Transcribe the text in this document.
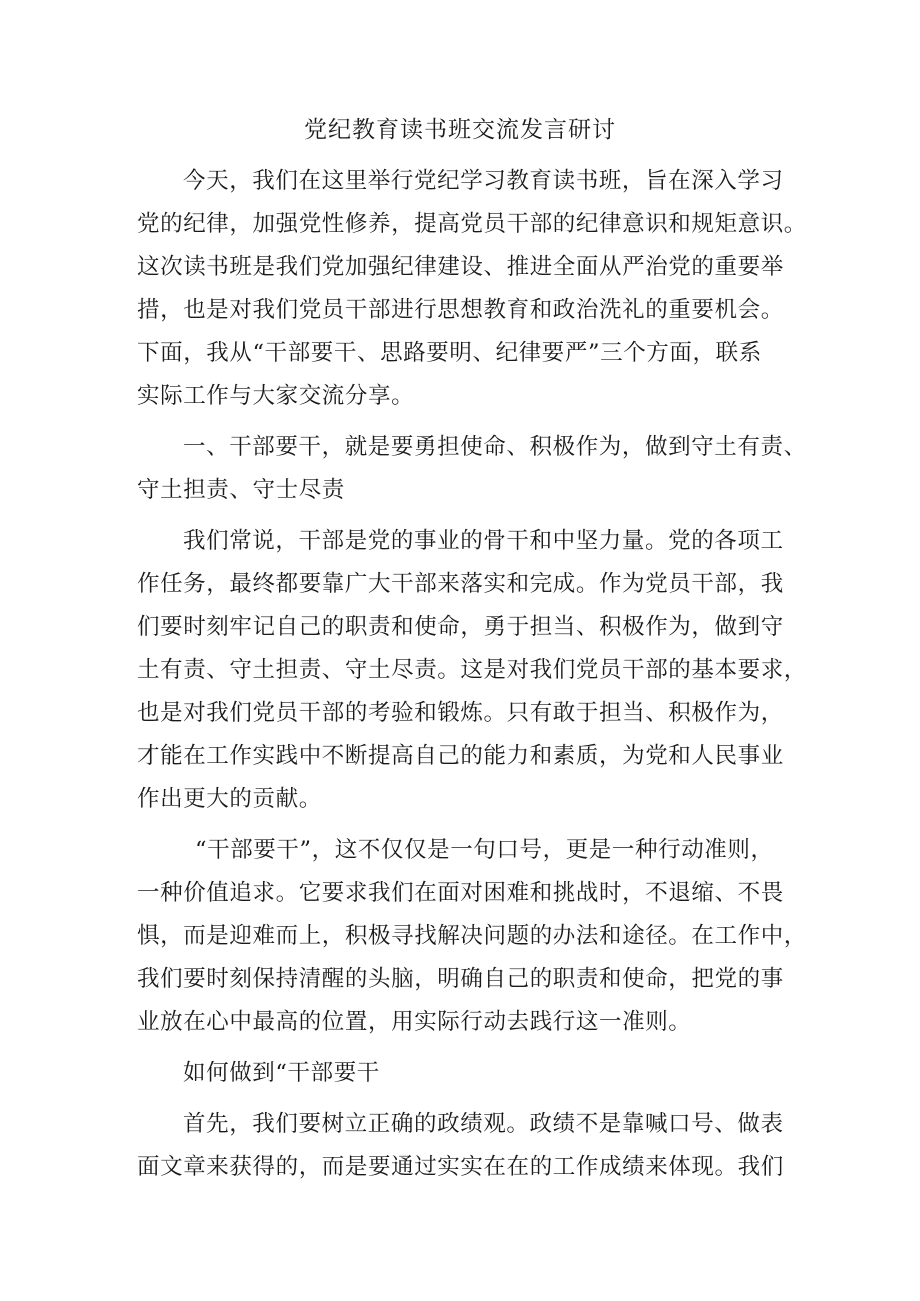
党纪教育读书班交流发言研讨
今天，我们在这里举行党纪学习教育读书班，旨在深入学习
党的纪律，加强党性修养，提高党员干部的纪律意识和规矩意识。
这次读书班是我们党加强纪律建设、推进全面从严治党的重要举
措，也是对我们党员干部进行思想教育和政治洗礼的重要机会。
下面，我从“干部要干、思路要明、纪律要严”三个方面，联系
实际工作与大家交流分享。
一、干部要干，就是要勇担使命、积极作为，做到守土有责、
守土担责、守士尽责
我们常说，干部是党的事业的骨干和中坚力量。党的各项工
作任务，最终都要靠广大干部来落实和完成。作为党员干部，我
们要时刻牢记自己的职责和使命，勇于担当、积极作为，做到守
土有责、守土担责、守土尽责。这是对我们党员干部的基本要求，
也是对我们党员干部的考验和锻炼。只有敢于担当、积极作为，
才能在工作实践中不断提高自己的能力和素质，为党和人民事业
作出更大的贡献。
“干部要干”，这不仅仅是一句口号，更是一种行动准则，
一种价值追求。它要求我们在面对困难和挑战时，不退缩、不畏
惧，而是迎难而上，积极寻找解决问题的办法和途径。在工作中，
我们要时刻保持清醒的头脑，明确自己的职责和使命，把党的事
业放在心中最高的位置，用实际行动去践行这一准则。
如何做到“干部要干
首先，我们要树立正确的政绩观。政绩不是靠喊口号、做表
面文章来获得的，而是要通过实实在在的工作成绩来体现。我们
